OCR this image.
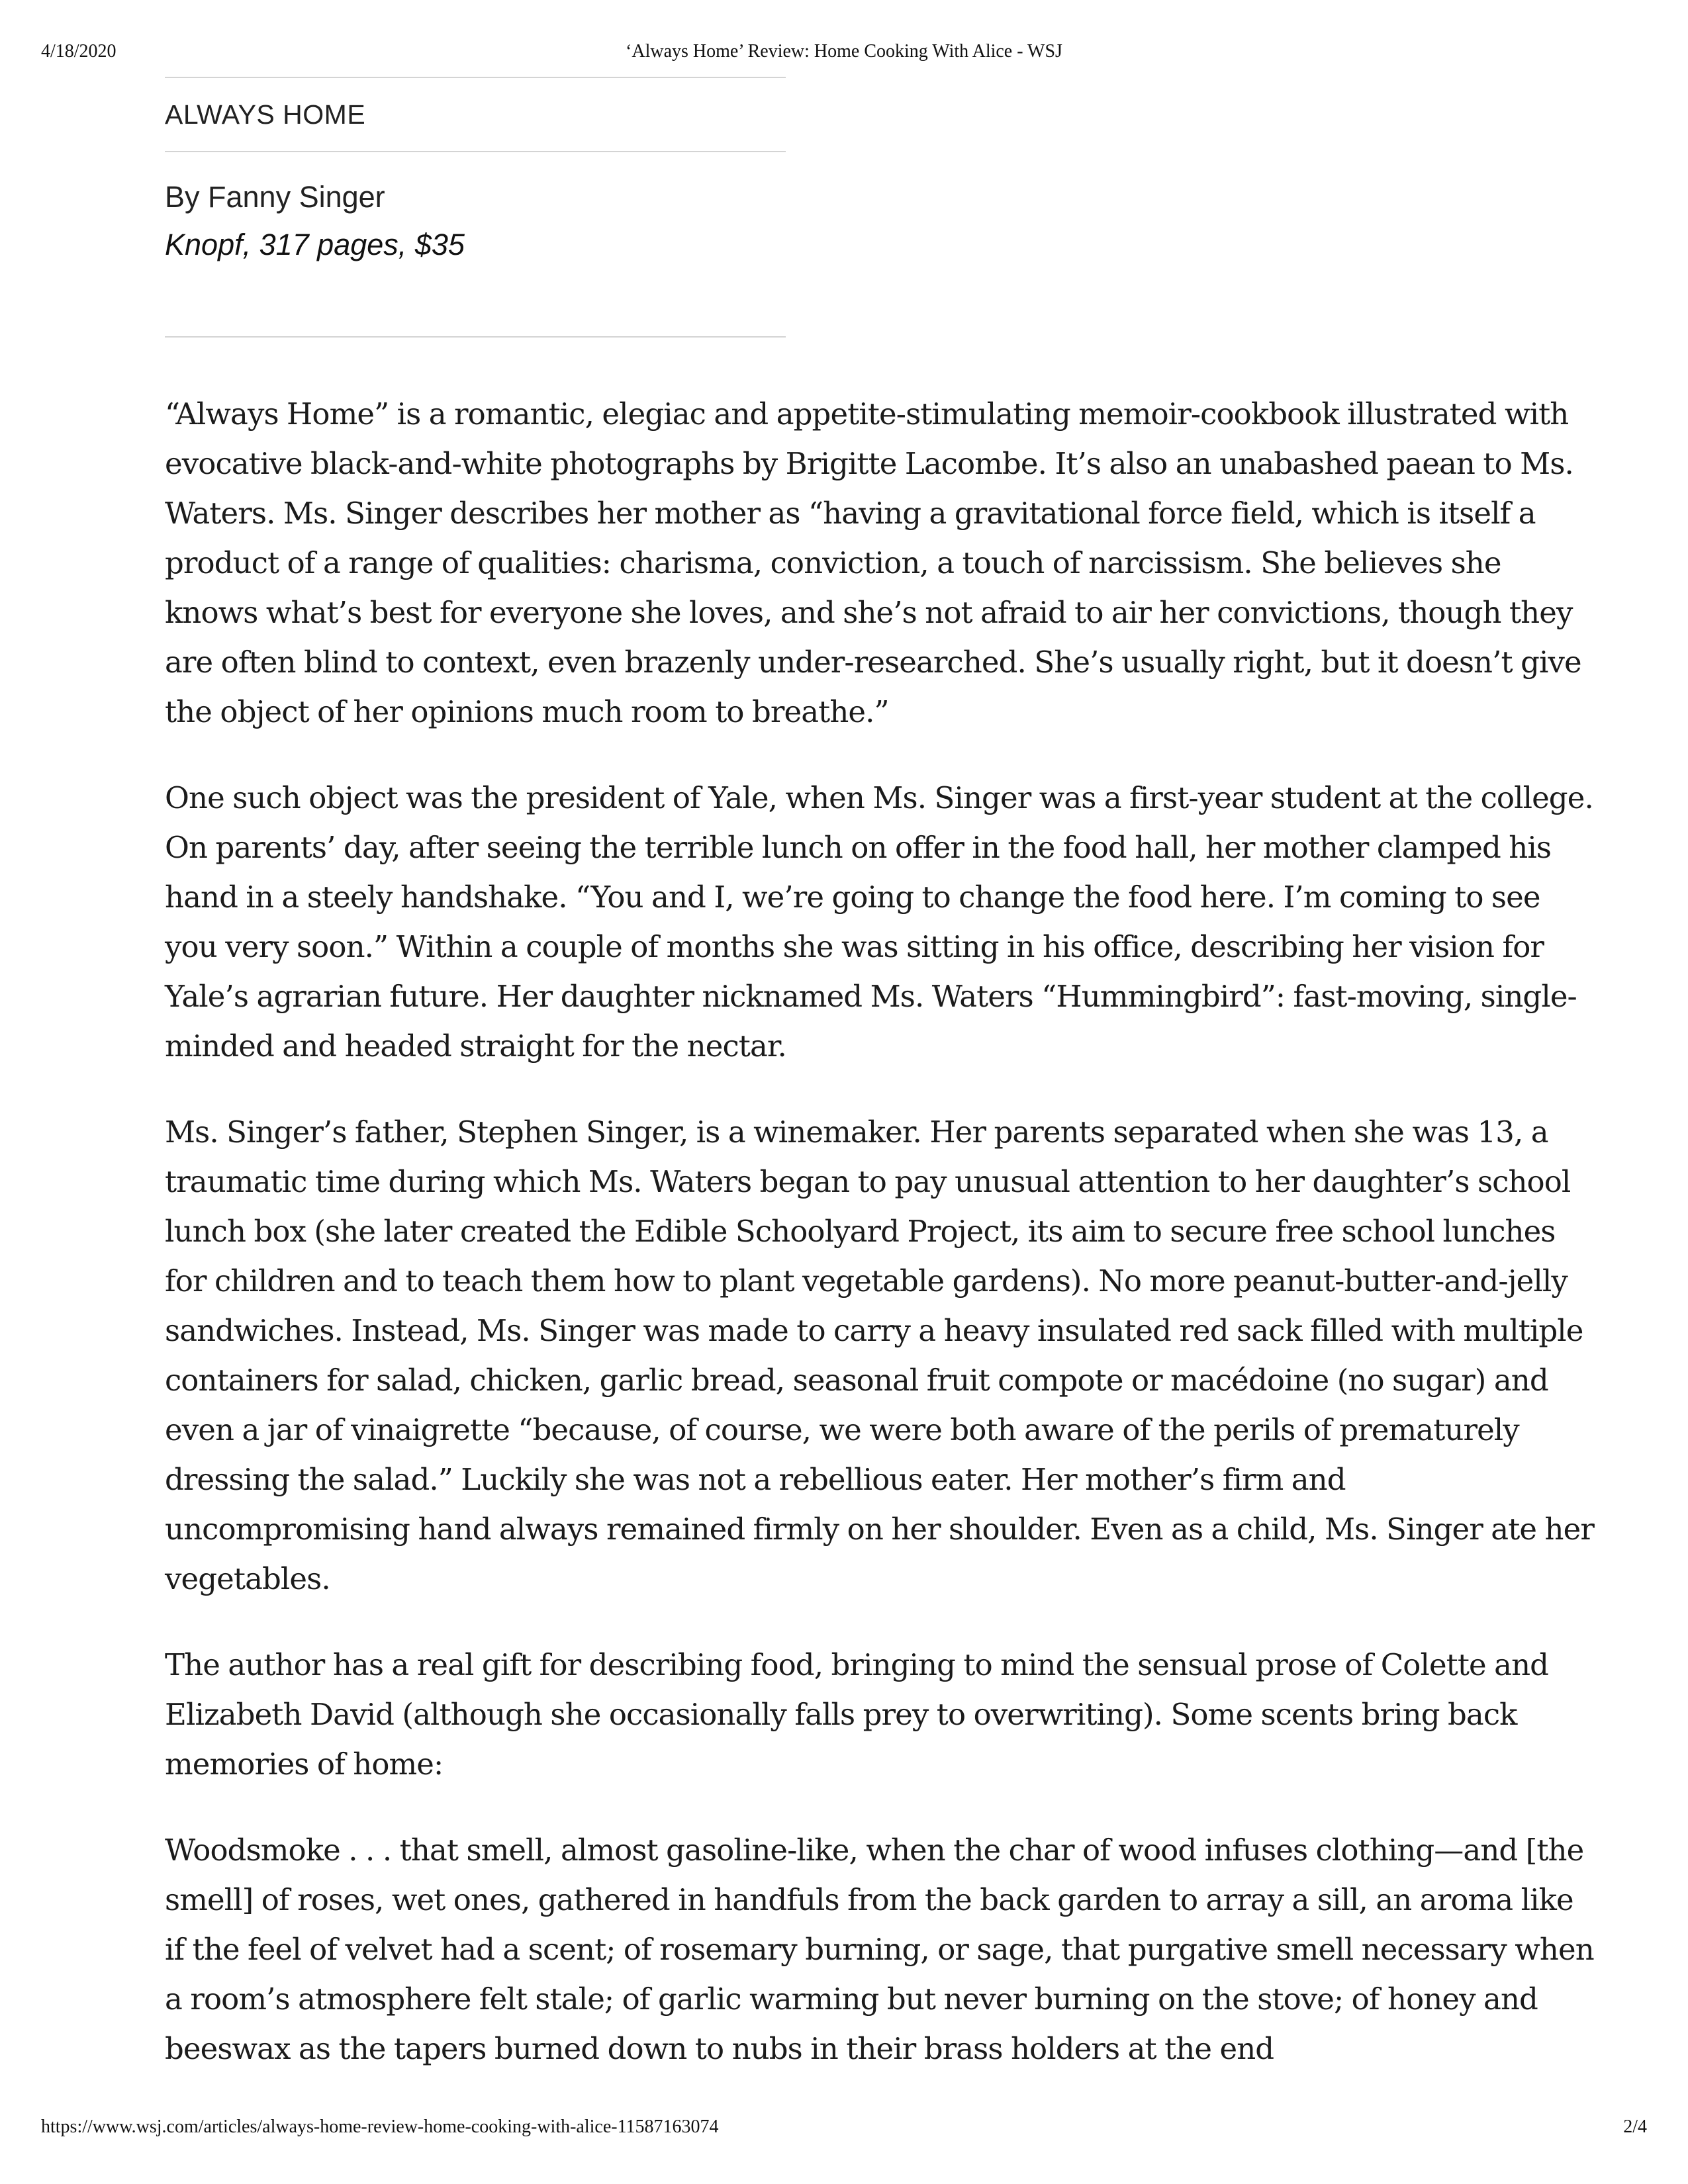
4/18/2020	‘Always Home’ Review: Home Cooking With Alice - WSJ
ALWAYS HOME
By Fanny Singer
Knopf, 317 pages, $35

“Always Home” is a romantic, elegiac and appetite-stimulating memoir-cookbook illustrated with evocative black-and-white photographs by Brigitte Lacombe. It’s also an unabashed paean to Ms. Waters. Ms. Singer describes her mother as “having a gravitational force field, which is itself a product of a range of qualities: charisma, conviction, a touch of narcissism. She believes she knows what’s best for everyone she loves, and she’s not afraid to air her convictions, though they are often blind to context, even brazenly under-researched. She’s usually right, but it doesn’t give the object of her opinions much room to breathe.”

One such object was the president of Yale, when Ms. Singer was a first-year student at the college. On parents’ day, after seeing the terrible lunch on offer in the food hall, her mother clamped his hand in a steely handshake. “You and I, we’re going to change the food here. I’m coming to see you very soon.” Within a couple of months she was sitting in his office, describing her vision for Yale’s agrarian future. Her daughter nicknamed Ms. Waters “Hummingbird”: fast-moving, single-minded and headed straight for the nectar.

Ms. Singer’s father, Stephen Singer, is a winemaker. Her parents separated when she was 13, a traumatic time during which Ms. Waters began to pay unusual attention to her daughter’s school lunch box (she later created the Edible Schoolyard Project, its aim to secure free school lunches for children and to teach them how to plant vegetable gardens). No more peanut-butter-and-jelly sandwiches. Instead, Ms. Singer was made to carry a heavy insulated red sack filled with multiple containers for salad, chicken, garlic bread, seasonal fruit compote or macédoine (no sugar) and even a jar of vinaigrette “because, of course, we were both aware of the perils of prematurely dressing the salad.” Luckily she was not a rebellious eater. Her mother’s firm and uncompromising hand always remained firmly on her shoulder. Even as a child, Ms. Singer ate her vegetables.

The author has a real gift for describing food, bringing to mind the sensual prose of Colette and Elizabeth David (although she occasionally falls prey to overwriting). Some scents bring back memories of home:

Woodsmoke . . . that smell, almost gasoline-like, when the char of wood infuses clothing—and [the smell] of roses, wet ones, gathered in handfuls from the back garden to array a sill, an aroma like if the feel of velvet had a scent; of rosemary burning, or sage, that purgative smell necessary when a room’s atmosphere felt stale; of garlic warming but never burning on the stove; of honey and beeswax as the tapers burned down to nubs in their brass holders at the end

https://www.wsj.com/articles/always-home-review-home-cooking-with-alice-11587163074	2/4
